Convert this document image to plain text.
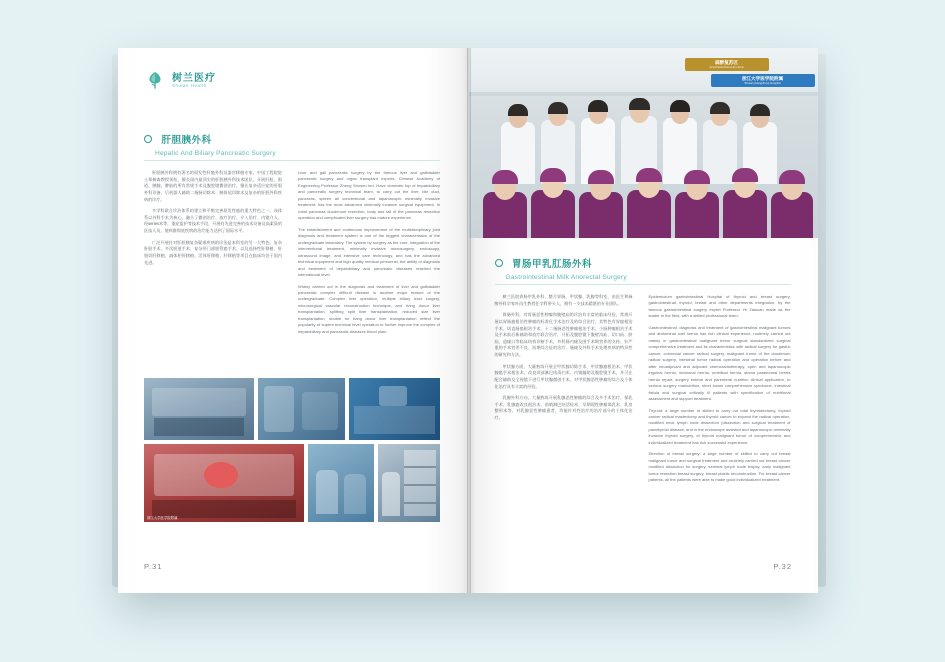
树兰医疗
Shulan Health
肝胆胰外科
Hepatic And Biliary Pancreatic Surgery

肝胆胰外科拥有著名的原发性肝癌外科及器官移植专家。中国工程院院士郑树森教授领衔，擅长国内最顶尖的肝胆胰外科技术团队，开展肝脏、胆道、胰腺、脾脏的所有常规手术及腹腔镜微创治疗，擅长复杂适应症的肝胆外科设备、后机器人辅助二指肠切除术、胰体尾切除术及复杂的肝胆外科疾病的诊疗。

多学科联合诊治体系的建立和平衡完善原发性癌的重大特色之一。该体系以外科手术为核心，融合了微创治疗、放疗治疗、介入治疗、内镜介入、经series术等，重症监护等技术手段，开展有先进完善的技术设备及高素质的医技人员，使病群彻底疾病的治疗能力达到了国际水平。

广泛开展针对肝胆胰复杂疑难疾病的诊治是本科室的另一大特色。复杂肝胆手术、多次胆道手术、复杂肝门部胆管癌手术、以及选择性肝移植、肝胆切肝移植、减体积肝移植、活体肝移植、肝移植等项目在临床均处于国内先进。

Liver and gall pancreatic surgery by the famous liver and gallbladder pancreatic surgery and organ transplant experts. Chinese Academy of Engineering Professor Zheng Shusen led. Have domestic top of hepatobiliary and pancreatic surgery technical team, to carry out the liver, bile duct, pancreas, spleen all conventional and laparoscopic minimally invasive treatment, has the most advanced minimally invasive surgical equipment. In robot pancreas duodenum resection, body and tail of the pancreas resection operation and complicated liver surgery has mature experience.

The establishment and continuous improvement of the multidisciplinary joint diagnosis and treatment system is one of the biggest characteristics of the undergraduate laboratory. The system by surgery as the core, integration of the interventional treatment, minimally invasive microsurgery, endoscopy, ultrasound image, and intensive care technology, and has the advanced technical equipment and high quality medical personnel, the ability of diagnosis and treatment of hepatobiliary and pancreatic diseases reached the international level.

Widely carried out in the diagnosis and treatment of liver and gallbladder pancreatic complex difficult disease is another major feature of the undergraduate. Complex liver operation, multiple biliary tract surgery, microsurgical vascular reconstruction technique, and living donor liver transplantation, splitting split liver transplantation, reduced size liver transplantation, double for living donor liver transplantation reflect the popularity of superb technical level operation to further improve the complex of hepatobiliary and pancreatic diseases blood plain.

浙江大学医学院附属
P.31
麻醉复苏区
Anesthesia Recovery Area
浙江大学医学院附属
Shulan (Hangzhou) Hospital
胃肠甲乳肛肠外科
Gastrointestinal Milk Anorectal Surgery

树兰医院胃肠甲乳外科、整合胃肠、甲状腺、乳腺等科室，由医生和麻醉外科学家叶再生教授任学科带头人，拥有一支技术精湛的专业团队。

胃肠外科，对胃肠恶性肿瘤和腹壁疝的诊治有丰富的临床经验，常规开展以胃肠癌根治性肿瘤的标准化手术治疗及的综合治疗，其特色有胃癌根治手术、切直肠癌根治手术、十二指肠恶性肿瘤根治手术、小肠肿瘤根治手术及手术前后新辅助和放疗联合治疗，开拓及腹腔镜下腹壁沟疝、切口疝、脐疝、造瘘口等临床结构诊断手术，外科肠内瘘及围手术期营养的支持、针严重的手术营养不良、短期综合征的治疗、肠瘘及外科手术处理疾病的特异性的研究和方法。

甲状腺方面，大量熟练开展全甲状腺切除手术、甲状腺癌根治术、甲状腺癌手术根治术、改良颈部淋巴结清扫术、内镜辅助及腹腔镜手术，并可在配合辅助及全视镜下进行甲状腺微创手术。对甲状腺恶性肿瘤的综合及个体化治疗具有丰富的经验。

乳腺外科方向，大量熟练开展乳腺恶性肿瘤的综合及多手术治疗、保乳手术、乳腺癌改良根治术、前哨淋巴结活检术、早期现性肿瘤保乳术、乳房整形术等。对乳腺恶性肿瘤患者，均能针对性治疗的治疗部分的个体化治疗。

Epidemiolum gastrointestinal Hospital of thyroid and breast surgery, gastrointestinal, thyroid, breast and other departments integration, by the famous gastrointestinal surgery expert Professor Ye Zaisuan made as the leader in the field, with a skilled professional team.

Gastrointestinal: diagnosis and treatment of gastrointestinal malignant tumors and abdominal wall hernia has rich clinical experience, routinely carried out mainly in gastrointestinal malignant tumor surgical standardized surgical comprehensive treatment and its characteristics with radical surgery for gastric cancer, colorectal cancer radical surgery, malignant tumor of the duodenum radical surgery, intestinal tumor radical operation and operation before and after neoadjuvant and adjuvant chemoradiotherapy, open and laparoscopic inguinal hernia, incisional hernia, umbilical hernia, stoma parastomal hernia hernia repair; surgery enteral and parenteral nutrition clinical application, to serious surgery malnutrition, short bowel comprehensive syndrome, intestinal fistula and surgical critically ill patients with specification of nutritional assessment and support treatment.

Thyroid: a large number of skilled to carry out total thyroidectomy, thyroid cancer radical mastectomy and thyroid cancer to expand the radical operation, modified neck lymph node dissection (dissection and surgical treatment of parathyroid disease, and in the endoscope assisted and laparoscopic minimally invasive thyroid surgery, of thyroid malignant tumor of comprehensive and individualized treatment has rich successful experience.

Direction of breast surgery: a large number of skilled to carry out breast malignant tumor and surgical treatment and routinely carried out breast cancer modified dissection for surgery, seminal lymph node biopsy, early malignant tumor resection breast surgery, breast plastic reconstruction. For breast cancer patients, all the patients were able to make good individualized treatment.

P.32
